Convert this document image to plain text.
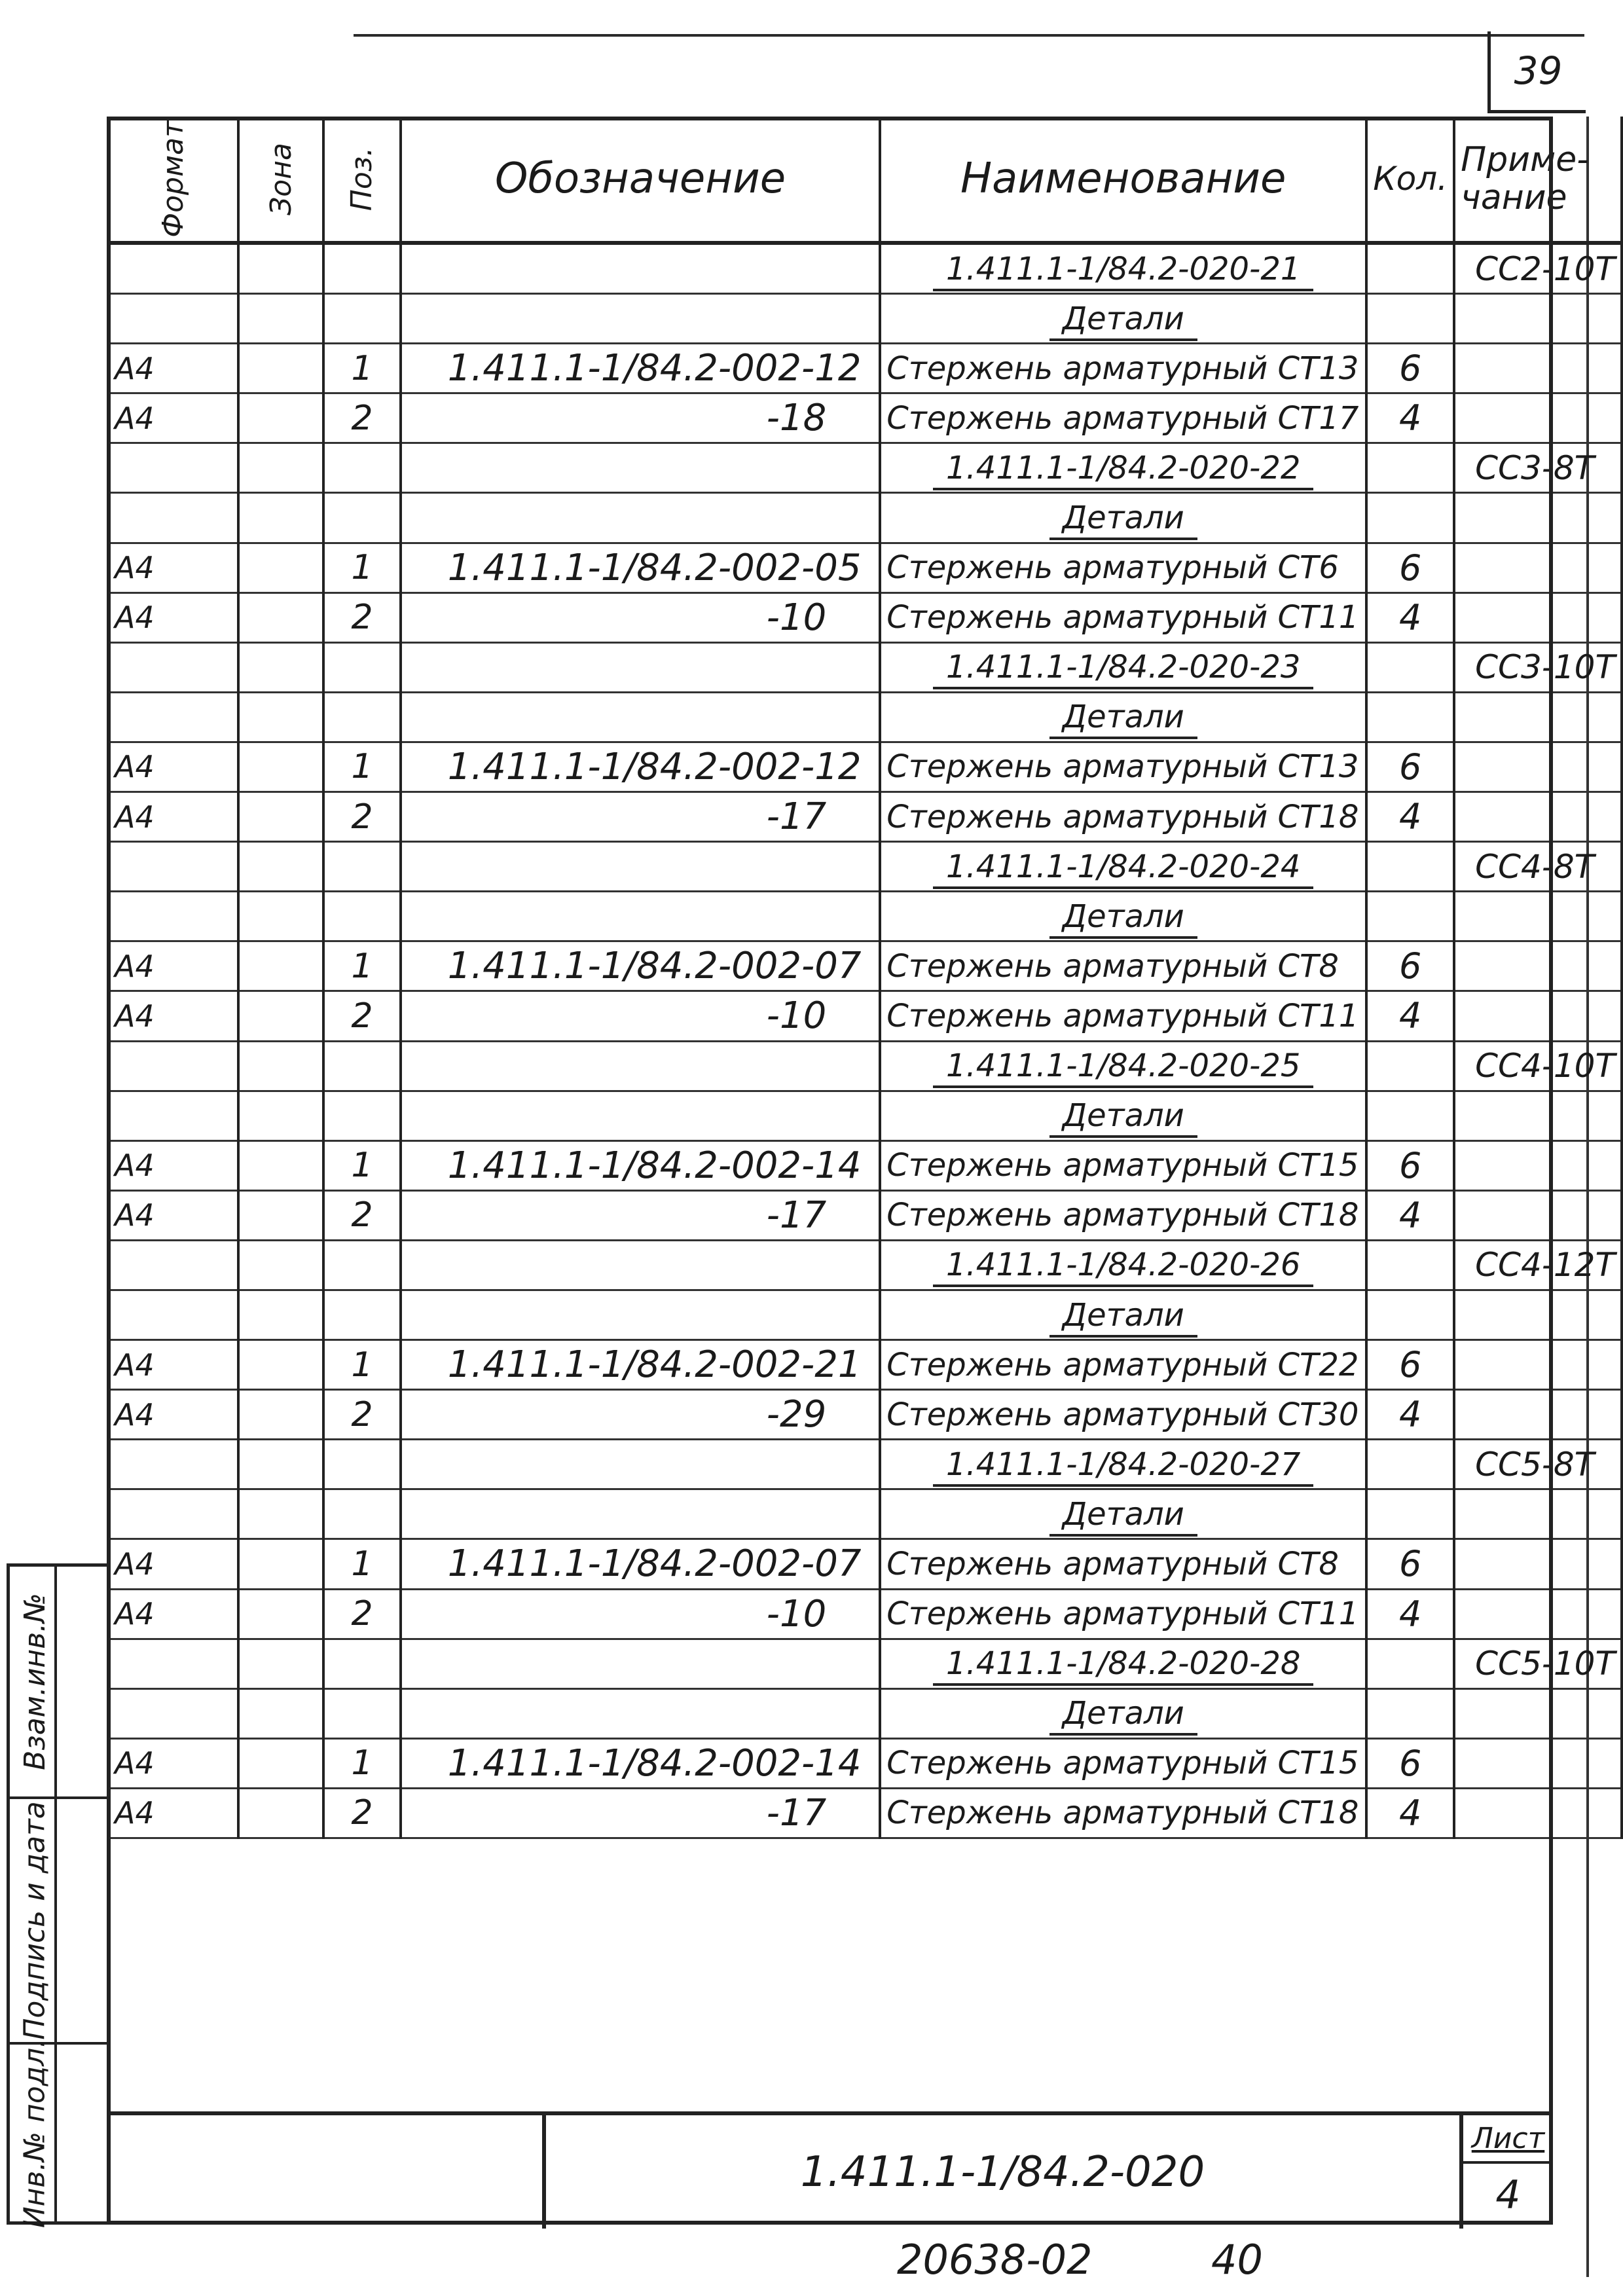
39
Формат	Зона	Поз.	Обозначение	Наименование	Кол.	Приме-чание
				1.411.1-1/84.2-020-21		СС2-10Т
				Детали		
А4		1	1.411.1-1/84.2-002-12	Стержень арматурный СТ13	6	
А4		2	-18	Стержень арматурный СТ17	4	
				1.411.1-1/84.2-020-22		СС3-8Т
				Детали		
А4		1	1.411.1-1/84.2-002-05	Стержень арматурный СТ6	6	
А4		2	-10	Стержень арматурный СТ11	4	
				1.411.1-1/84.2-020-23		СС3-10Т
				Детали		
А4		1	1.411.1-1/84.2-002-12	Стержень арматурный СТ13	6	
А4		2	-17	Стержень арматурный СТ18	4	
				1.411.1-1/84.2-020-24		СС4-8Т
				Детали		
А4		1	1.411.1-1/84.2-002-07	Стержень арматурный СТ8	6	
А4		2	-10	Стержень арматурный СТ11	4	
				1.411.1-1/84.2-020-25		СС4-10Т
				Детали		
А4		1	1.411.1-1/84.2-002-14	Стержень арматурный СТ15	6	
А4		2	-17	Стержень арматурный СТ18	4	
				1.411.1-1/84.2-020-26		СС4-12Т
				Детали		
А4		1	1.411.1-1/84.2-002-21	Стержень арматурный СТ22	6	
А4		2	-29	Стержень арматурный СТ30	4	
				1.411.1-1/84.2-020-27		СС5-8Т
				Детали		
А4		1	1.411.1-1/84.2-002-07	Стержень арматурный СТ8	6	
А4		2	-10	Стержень арматурный СТ11	4	
				1.411.1-1/84.2-020-28		СС5-10Т
				Детали		
А4		1	1.411.1-1/84.2-002-14	Стержень арматурный СТ15	6	
А4		2	-17	Стержень арматурный СТ18	4	
1.411.1-1/84.2-020
Лист
4
Взам.инв.№
Подпись и дата
Инв.№ подл.
20638-02	40
